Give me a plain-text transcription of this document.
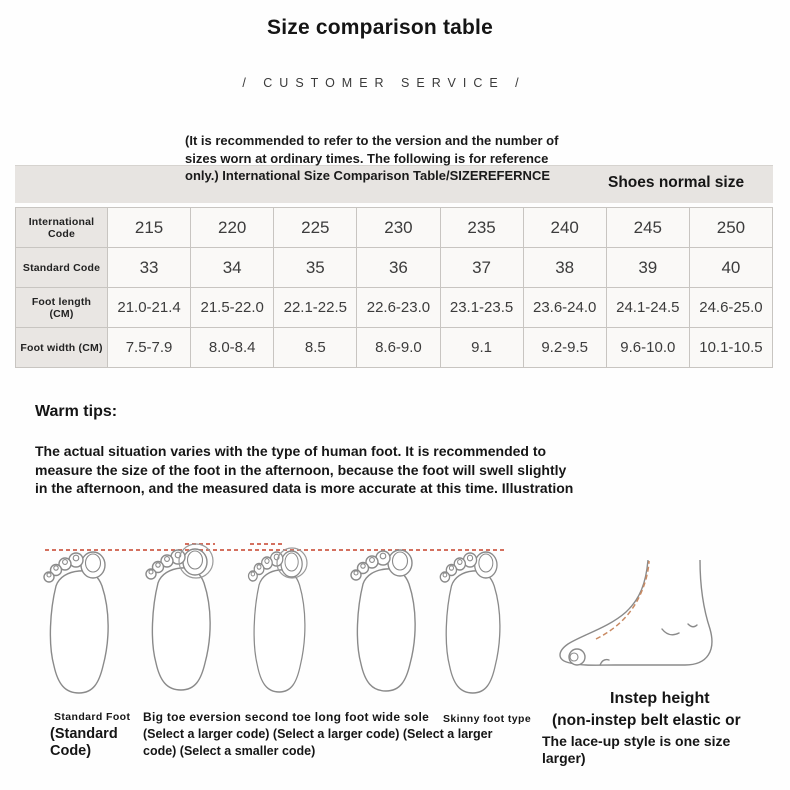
Size comparison table
/ CUSTOMER SERVICE /
(It is recommended to refer to the version and the number of
sizes worn at ordinary times. The following is for reference
only.) International Size Comparison Table/SIZEREFERNCE	Shoes normal size
International Code	215	220	225	230	235	240	245	250
Standard Code	33	34	35	36	37	38	39	40
Foot length (CM)	21.0-21.4	21.5-22.0	22.1-22.5	22.6-23.0	23.1-23.5	23.6-24.0	24.1-24.5	24.6-25.0
Foot width (CM)	7.5-7.9	8.0-8.4	8.5	8.6-9.0	9.1	9.2-9.5	9.6-10.0	10.1-10.5
Warm tips:
The actual situation varies with the type of human foot. It is recommended to
measure the size of the foot in the afternoon, because the foot will swell slightly
in the afternoon, and the measured data is more accurate at this time. Illustration
Standard Foot
(Standard
Code)
Big toe eversion second toe long foot wide sole
(Select a larger code) (Select a larger code) (Select a larger
code) (Select a smaller code)
Skinny foot type
Instep height
(non-instep belt elastic or
The lace-up style is one size
larger)
